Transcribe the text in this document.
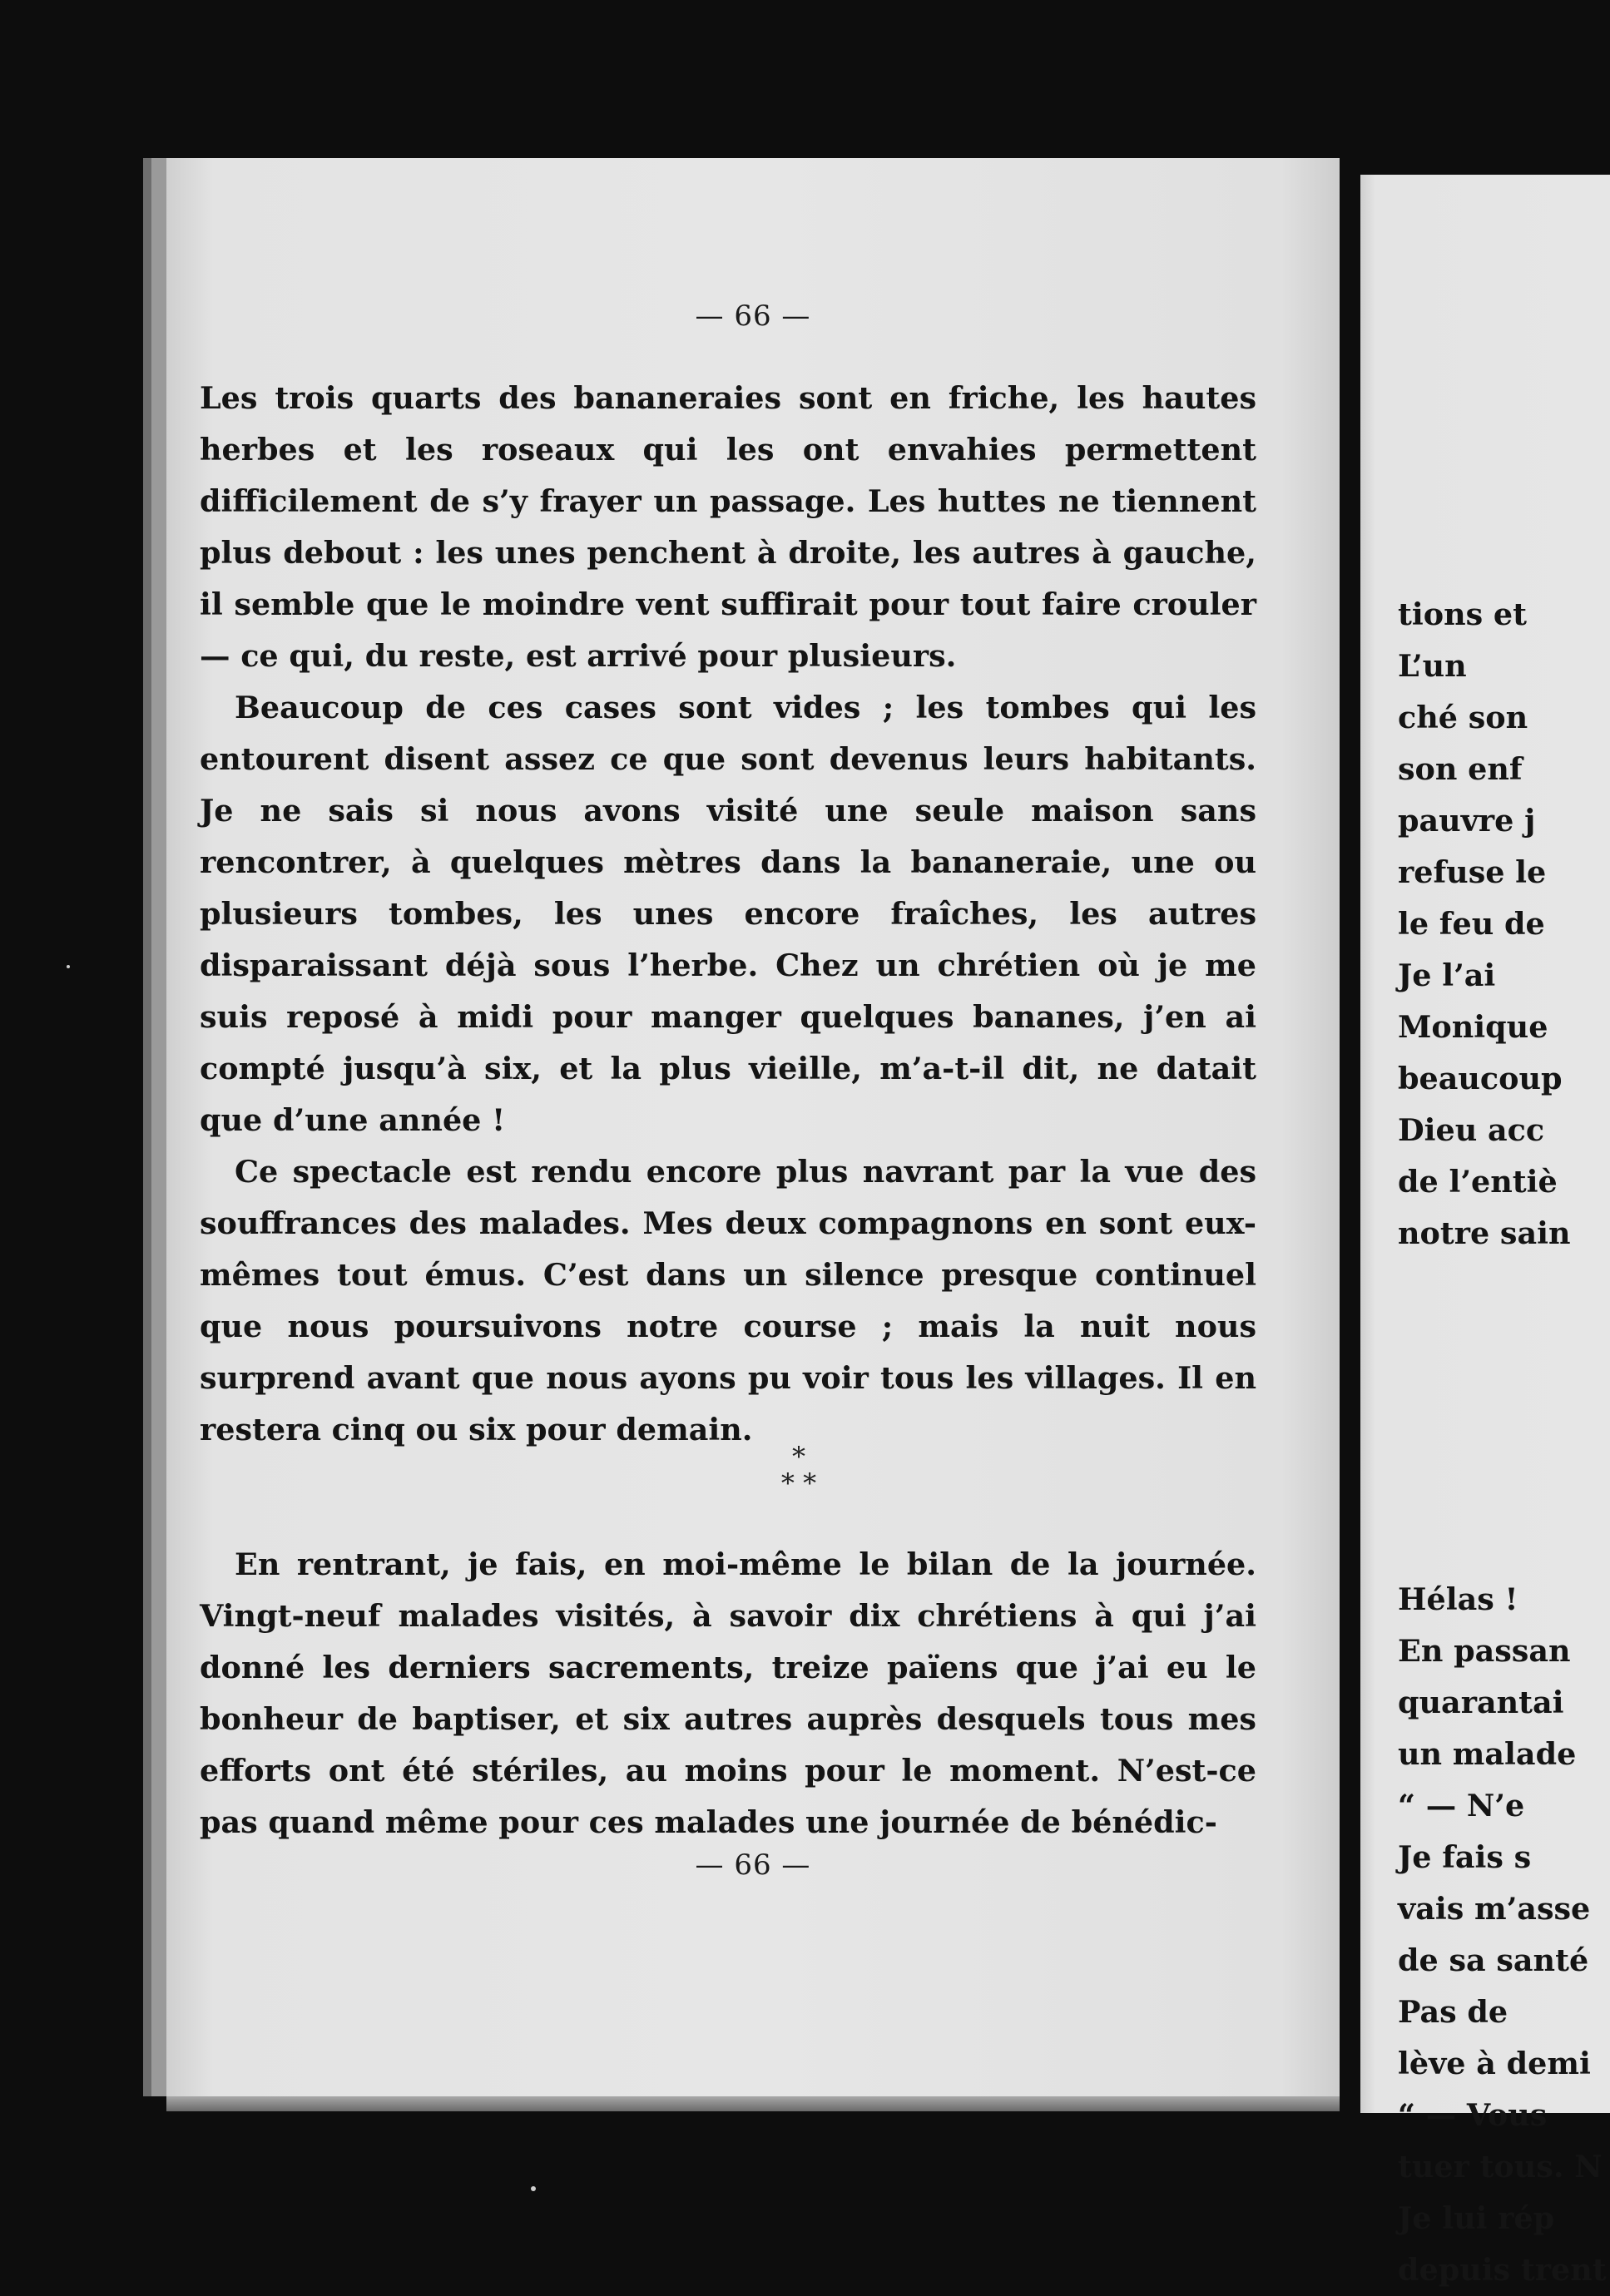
— 66 —
— 66 —

Les trois quarts des bananeraies sont en friche, les hautes herbes et les roseaux qui les ont envahies permettent difficilement de s’y frayer un passage. Les huttes ne tiennent plus debout : les unes penchent à droite, les autres à gauche, il semble que le moindre vent suffirait pour tout faire crouler — ce qui, du reste, est arrivé pour plusieurs.

Beaucoup de ces cases sont vides ; les tombes qui les entourent disent assez ce que sont devenus leurs habitants. Je ne sais si nous avons visité une seule maison sans rencontrer, à quelques mètres dans la bananeraie, une ou plusieurs tombes, les unes encore fraîches, les autres disparaissant déjà sous l’herbe. Chez un chrétien où je me suis reposé à midi pour manger quelques bananes, j’en ai compté jusqu’à six, et la plus vieille, m’a-t-il dit, ne datait que d’une année !

Ce spectacle est rendu encore plus navrant par la vue des souffrances des malades. Mes deux compagnons en sont eux-mêmes tout émus. C’est dans un silence presque continuel que nous poursuivons notre course ; mais la nuit nous surprend avant que nous ayons pu voir tous les villages. Il en restera cinq ou six pour demain.

*
* *

En rentrant, je fais, en moi-même le bilan de la journée. Vingt-neuf malades visités, à savoir dix chrétiens à qui j’ai donné les derniers sacrements, treize païens que j’ai eu le bonheur de baptiser, et six autres auprès desquels tous mes efforts ont été stériles, au moins pour le moment. N’est-ce pas quand même pour ces malades une journée de bénédic-

tions et
L’un
ché son
son enf
pauvre j
refuse le
le feu de
Je l’ai
Monique
beaucoup
Dieu acc
de l’entiè
notre sain
Hélas !
En passan
quarantai
un malade
“ — N’e
Je fais s
vais m’asse
de sa santé
Pas de
lève à demi
“ — Vous
tuer tous. N
Je lui rép
depuis trent
